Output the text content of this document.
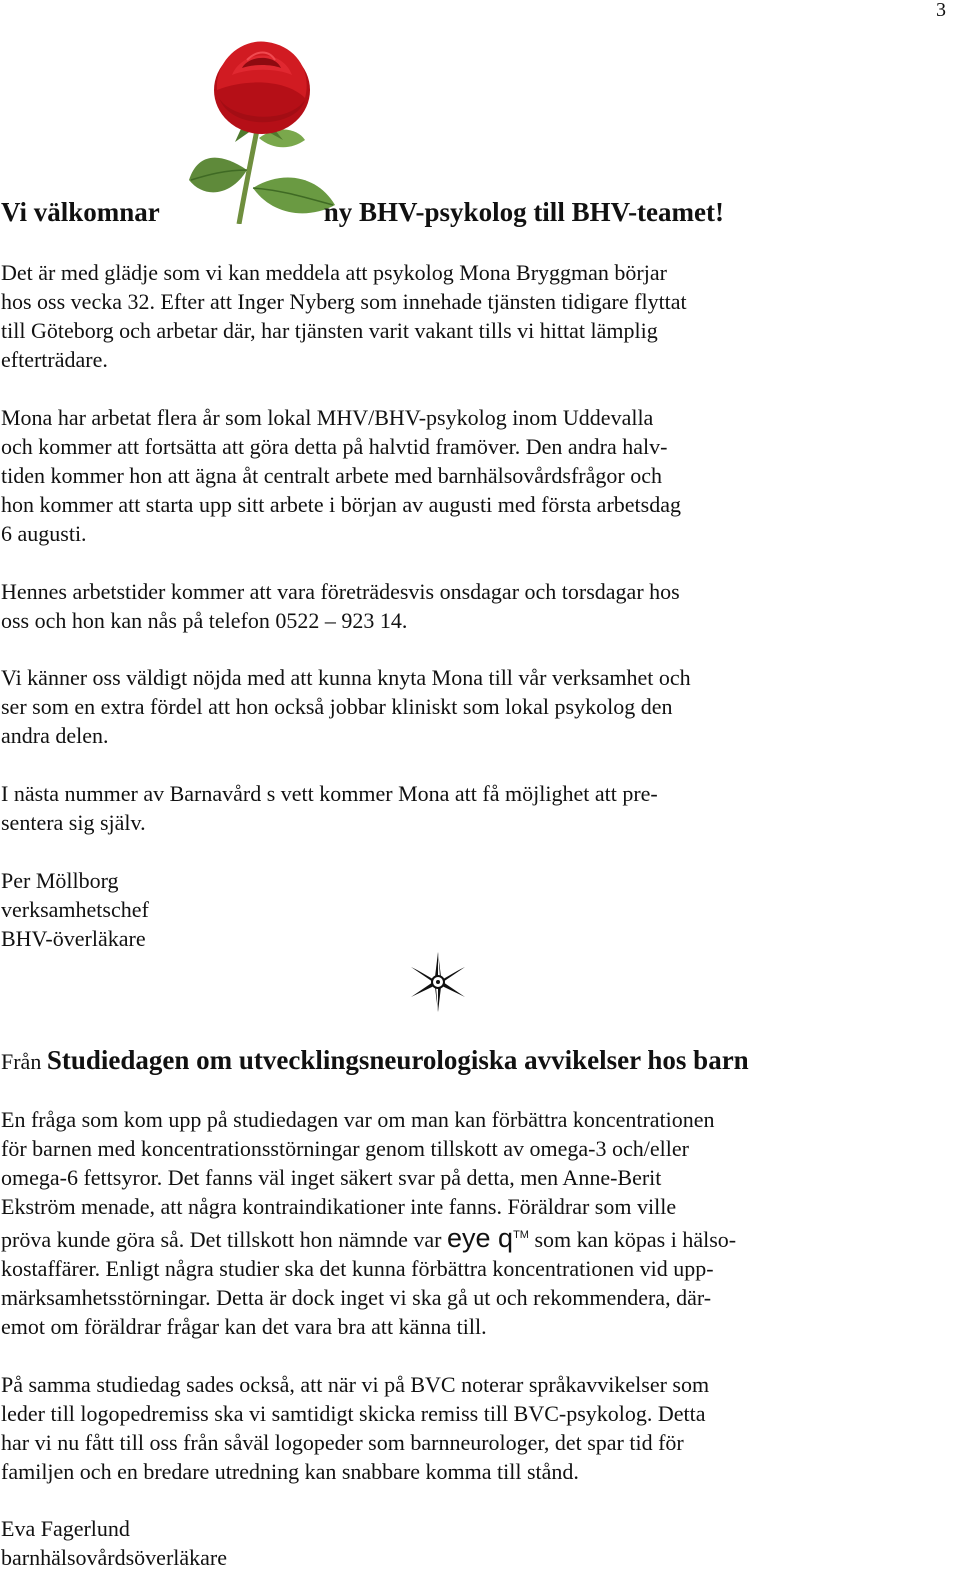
3
Vi välkomnar	ny BHV-psykolog till BHV-teamet!
Det är med glädje som vi kan meddela att psykolog Mona Bryggman börjar
hos oss vecka 32. Efter att Inger Nyberg som innehade tjänsten tidigare flyttat
till Göteborg och arbetar där, har tjänsten varit vakant tills vi hittat lämplig
efterträdare.
Mona har arbetat flera år som lokal MHV/BHV-psykolog inom Uddevalla
och kommer att fortsätta att göra detta på halvtid framöver. Den andra halv-
tiden kommer hon att ägna åt centralt arbete med barnhälsovårdsfrågor och
hon kommer att starta upp sitt arbete i början av augusti med första arbetsdag
6 augusti.
Hennes arbetstider kommer att vara företrädesvis onsdagar och torsdagar hos
oss och hon kan nås på telefon 0522 – 923 14.
Vi känner oss väldigt nöjda med att kunna knyta Mona till vår verksamhet och
ser som en extra fördel att hon också jobbar kliniskt som lokal psykolog den
andra delen.
I nästa nummer av Barnavård s vett kommer Mona att få möjlighet att pre-
sentera sig själv.
Per Möllborg
verksamhetschef
BHV-överläkare
Från Studiedagen om utvecklingsneurologiska avvikelser hos barn
En fråga som kom upp på studiedagen var om man kan förbättra koncentrationen
för barnen med koncentrationsstörningar genom tillskott av omega-3 och/eller
omega-6 fettsyror. Det fanns väl inget säkert svar på detta, men Anne-Berit
Ekström menade, att några kontraindikationer inte fanns. Föräldrar som ville
pröva kunde göra så. Det tillskott hon nämnde var eye q™ som kan köpas i hälso-
kostaffärer. Enligt några studier ska det kunna förbättra koncentrationen vid upp-
märksamhetsstörningar. Detta är dock inget vi ska gå ut och rekommendera, där-
emot om föräldrar frågar kan det vara bra att känna till.
På samma studiedag sades också, att när vi på BVC noterar språkavvikelser som
leder till logopedremiss ska vi samtidigt skicka remiss till BVC-psykolog. Detta
har vi nu fått till oss från såväl logopeder som barnneurologer, det spar tid för
familjen och en bredare utredning kan snabbare komma till stånd.
Eva Fagerlund
barnhälsovårdsöverläkare
